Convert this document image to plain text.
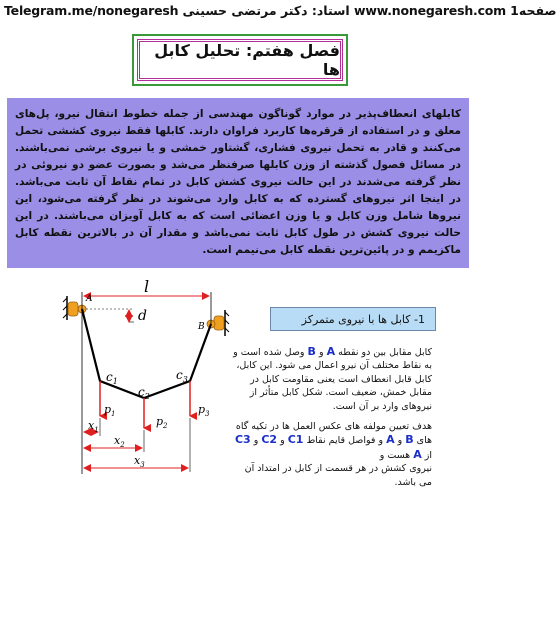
Telegram.me/nonegaresh استاد: دکتر مرتضی حسینی www.nonegaresh.com صفحه1
فصل هفتم: تحلیل کابل ها

کابلهای انعطاف‌پذیر در موارد گوناگون مهندسی از جمله خطوط انتقال نیرو، پل‌های معلق و در استفاده از قرقره‌ها کاربرد فراوان دارند. کابلها فقط نیروی کششی تحمل می‌کنند و قادر به تحمل نیروی فشاری، گشتاور خمشی و یا نیروی برشی نمی‌باشند. در مسائل فصول گذشته از وزن کابلها صرفنظر می‌شد و بصورت عضو دو نیروئی در نظر گرفته می‌شدند در این حالت نیروی کشش کابل در تمام نقاط آن ثابت می‌باشد. در اینجا اثر نیروهای گسترده که به کابل وارد می‌شوند در نظر گرفته می‌شود، این نیروها شامل وزن کابل و یا وزن اعضائی است که به کابل آویزان می‌باشند. در این حالت نیروی کشش در طول کابل ثابت نمی‌باشد و مقدار آن در بالاترین نقطه کابل ماکزیمم و در پائین‌ترین نقطه کابل می‌نیمم است.

l
d
A
B
$c_1$
$c_2$
$c_3$
$p_1$
$p_2$
$p_3$
$x_1$
$x_2$
$x_3$
1- کابل ها با نیروی متمرکز

کابل مقابل بین دو نقطه A و B وصل شده است و به نقاط مختلف آن نیرو اعمال می شود. این کابل، کابل قابل انعطاف است یعنی مقاومت کابل در مقابل خمش، ضعیف است. شکل کابل متأثر از نیروهای وارد بر آن است.

هدف تعیین مولفه های عکس العمل ها در تکیه گاه های B و A و فواصل قایم نقاط C1 و C2 و C3 از A هست و
نیروی کشش در هر قسمت از کابل در امتداد آن می باشد.
